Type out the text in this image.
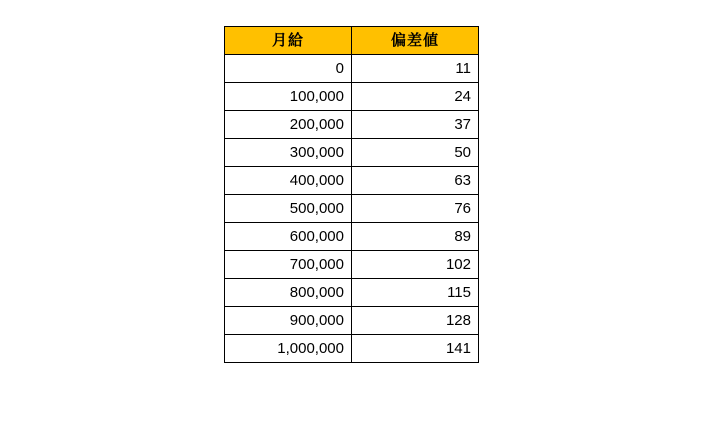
月給	偏差値
0	11
100,000	24
200,000	37
300,000	50
400,000	63
500,000	76
600,000	89
700,000	102
800,000	115
900,000	128
1,000,000	141
